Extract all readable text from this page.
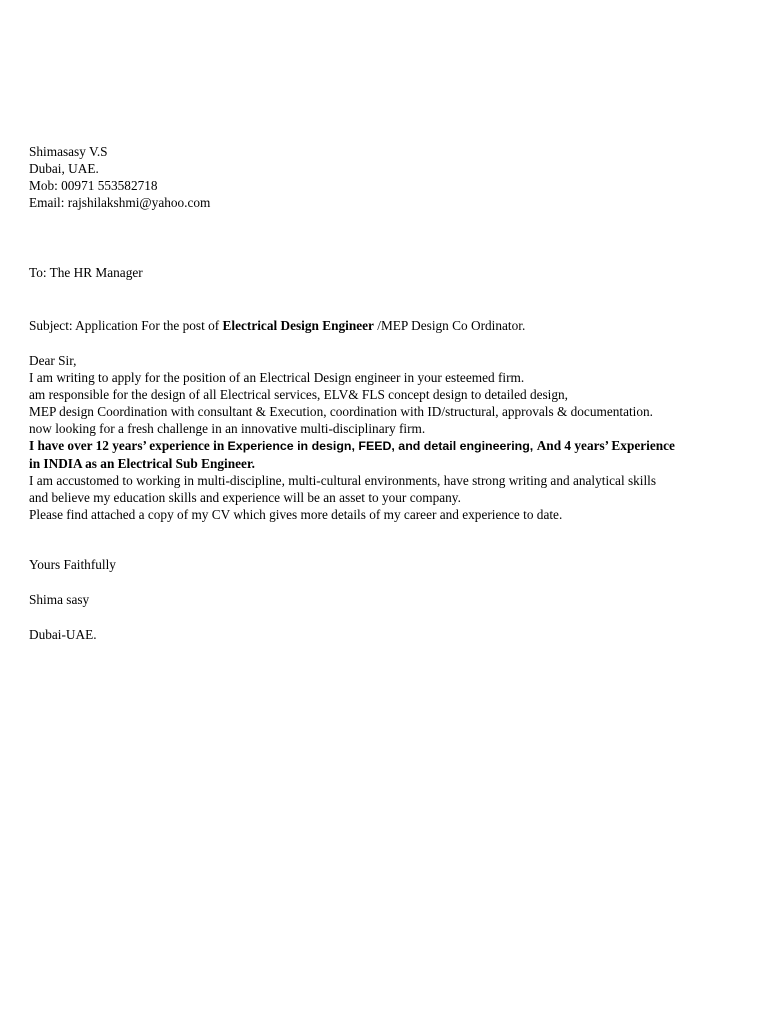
Shimasasy V.S
Dubai, UAE.
Mob: 00971 553582718
Email: rajshilakshmi@yahoo.com
To: The HR Manager
Subject: Application For the post of Electrical Design Engineer /MEP Design Co Ordinator.
Dear Sir,
I am writing to apply for the position of an Electrical Design engineer in your esteemed firm.
am responsible for the design of all Electrical services, ELV& FLS concept design to detailed design,
MEP design Coordination with consultant & Execution, coordination with ID/structural, approvals & documentation.
now looking for a fresh challenge in an innovative multi-disciplinary firm.
I have over 12 years’ experience in Experience in design, FEED, and detail engineering, And 4 years’ Experience
in INDIA as an Electrical Sub Engineer.
I am accustomed to working in multi-discipline, multi-cultural environments, have strong writing and analytical skills
and believe my education skills and experience will be an asset to your company.
Please find attached a copy of my CV which gives more details of my career and experience to date.
Yours Faithfully
Shima sasy
Dubai-UAE.
